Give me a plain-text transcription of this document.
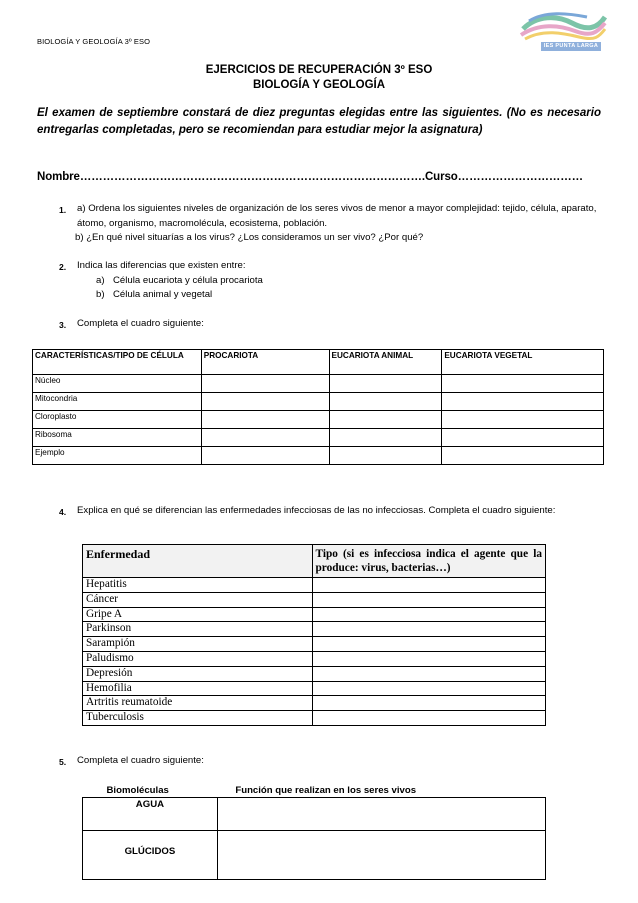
BIOLOGÍA Y GEOLOGÍA 3º ESO	IES PUNTA LARGA
EJERCICIOS DE RECUPERACIÓN 3º ESO
BIOLOGÍA Y GEOLOGÍA
El examen de septiembre constará de diez preguntas elegidas entre las siguientes. (No es necesario entregarlas completadas, pero se recomiendan para estudiar mejor la asignatura)
Nombre……………………………………………………………………………….Curso……………………………
1. a) Ordena los siguientes niveles de organización de los seres vivos de menor a mayor complejidad: tejido, célula, aparato, átomo, organismo, macromolécula, ecosistema, población.
b) ¿En qué nivel situarías a los virus? ¿Los consideramos un ser vivo? ¿Por qué?
2. Indica las diferencias que existen entre:
a) Célula eucariota y célula procariota
b) Célula animal y vegetal
3. Completa el cuadro siguiente:
CARACTERÍSTICAS/TIPO DE CÉLULA	PROCARIOTA	EUCARIOTA ANIMAL	EUCARIOTA VEGETAL
Núcleo			
Mitocondria			
Cloroplasto			
Ribosoma			
Ejemplo			
4. Explica en qué se diferencian las enfermedades infecciosas de las no infecciosas. Completa el cuadro siguiente:
Enfermedad	Tipo (si es infecciosa indica el agente que la produce: virus, bacterias…)
Hepatitis	
Cáncer	
Gripe A	
Parkinson	
Sarampión	
Paludismo	
Depresión	
Hemofilia	
Artritis reumatoide	
Tuberculosis	
5. Completa el cuadro siguiente:
Biomoléculas	Función que realizan en los seres vivos
AGUA	
GLÚCIDOS	
